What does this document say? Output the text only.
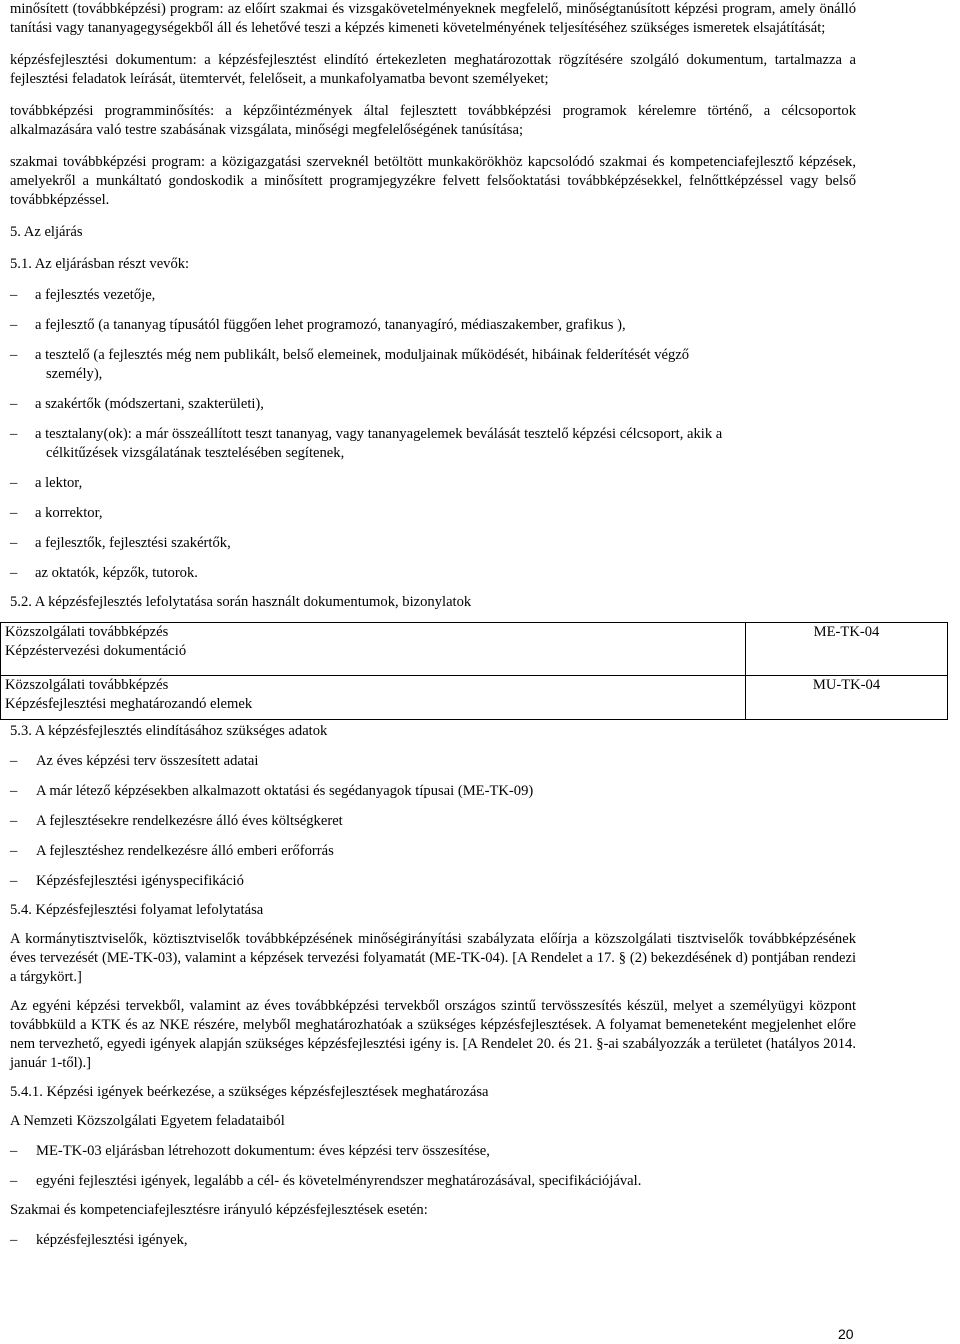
minősített (továbbképzési) program: az előírt szakmai és vizsgakövetelményeknek megfelelő, minőségtanúsított képzési program, amely önálló tanítási vagy tananyagegységekből áll és lehetővé teszi a képzés kimeneti követelményének teljesítéséhez szükséges ismeretek elsajátítását;

képzésfejlesztési dokumentum: a képzésfejlesztést elindító értekezleten meghatározottak rögzítésére szolgáló dokumentum, tartalmazza a fejlesztési feladatok leírását, ütemtervét, felelőseit, a munkafolyamatba bevont személyeket;

továbbképzési programminősítés: a képzőintézmények által fejlesztett továbbképzési programok kérelemre történő, a célcsoportok alkalmazására való testre szabásának vizsgálata, minőségi megfelelőségének tanúsítása;

szakmai továbbképzési program: a közigazgatási szerveknél betöltött munkakörökhöz kapcsolódó szakmai és kompetenciafejlesztő képzések, amelyekről a munkáltató gondoskodik a minősített programjegyzékre felvett felsőoktatási továbbképzésekkel, felnőttképzéssel vagy belső továbbképzéssel.

5. Az eljárás

5.1. Az eljárásban részt vevők:

– a fejlesztés vezetője,
– a fejlesztő (a tananyag típusától függően lehet programozó, tananyagíró, médiaszakember, grafikus ),
– a tesztelő (a fejlesztés még nem publikált, belső elemeinek, moduljainak működését, hibáinak felderítését végző
személy),
– a szakértők (módszertani, szakterületi),
– a tesztalany(ok): a már összeállított teszt tananyag, vagy tananyagelemek beválását tesztelő képzési célcsoport, akik a
célkitűzések vizsgálatának tesztelésében segítenek,
– a lektor,
– a korrektor,
– a fejlesztők, fejlesztési szakértők,
– az oktatók, képzők, tutorok.

5.2. A képzésfejlesztés lefolytatása során használt dokumentumok, bizonylatok

Közszolgálati továbbképzés
Képzéstervezési dokumentáció	ME-TK-04

Közszolgálati továbbképzés
Képzésfejlesztési meghatározandó elemek	MU-TK-04

5.3. A képzésfejlesztés elindításához szükséges adatok

– Az éves képzési terv összesített adatai
– A már létező képzésekben alkalmazott oktatási és segédanyagok típusai (ME-TK-09)
– A fejlesztésekre rendelkezésre álló éves költségkeret
– A fejlesztéshez rendelkezésre álló emberi erőforrás
– Képzésfejlesztési igényspecifikáció

5.4. Képzésfejlesztési folyamat lefolytatása

A kormánytisztviselők, köztisztviselők továbbképzésének minőségirányítási szabályzata előírja a közszolgálati tisztviselők továbbképzésének éves tervezését (ME-TK-03), valamint a képzések tervezési folyamatát (ME-TK-04). [A Rendelet a 17. § (2) bekezdésének d) pontjában rendezi a tárgykört.]

Az egyéni képzési tervekből, valamint az éves továbbképzési tervekből országos szintű tervösszesítés készül, melyet a személyügyi központ továbbküld a KTK és az NKE részére, melyből meghatározhatóak a szükséges képzésfejlesztések. A folyamat bemeneteként megjelenhet előre nem tervezhető, egyedi igények alapján szükséges képzésfejlesztési igény is. [A Rendelet 20. és 21. §-ai szabályozzák a területet (hatályos 2014. január 1-től).]

5.4.1. Képzési igények beérkezése, a szükséges képzésfejlesztések meghatározása

A Nemzeti Közszolgálati Egyetem feladataiból

– ME-TK-03 eljárásban létrehozott dokumentum: éves képzési terv összesítése,
– egyéni fejlesztési igények, legalább a cél- és követelményrendszer meghatározásával, specifikációjával.

Szakmai és kompetenciafejlesztésre irányuló képzésfejlesztések esetén:

– képzésfejlesztési igények,
20
